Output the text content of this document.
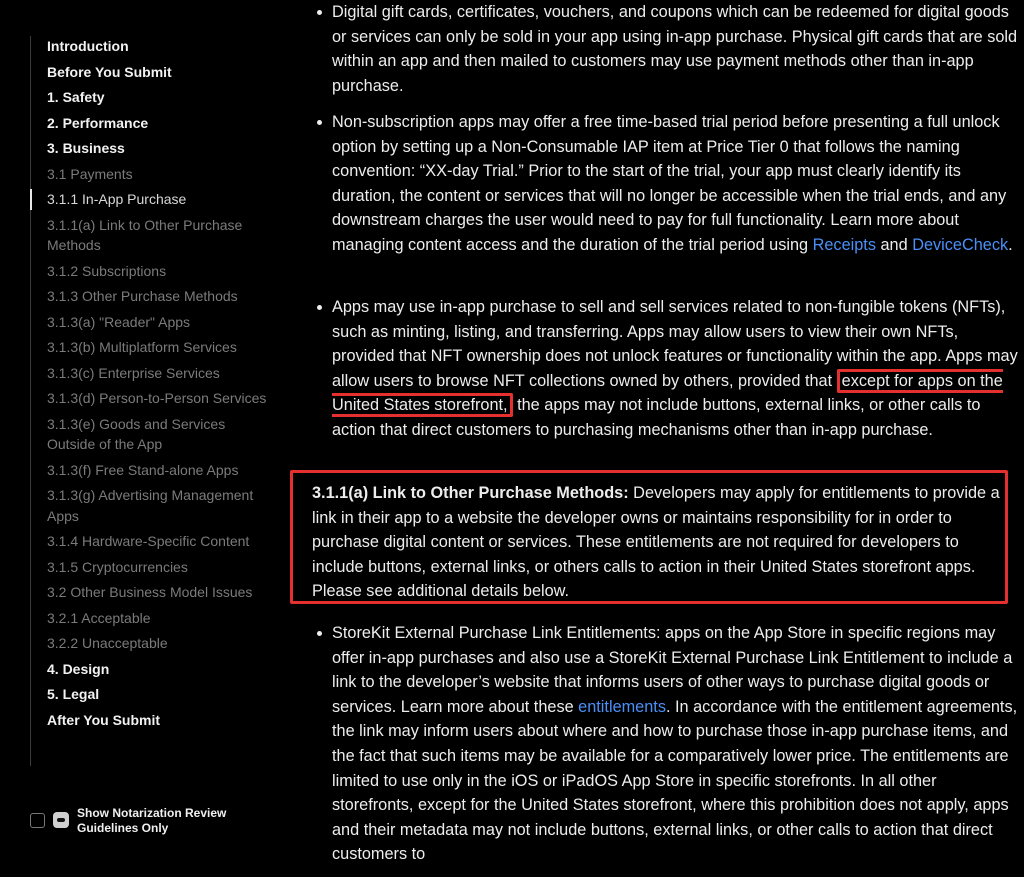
Introduction
Before You Submit
1. Safety
2. Performance
3. Business
3.1 Payments
3.1.1 In-App Purchase
3.1.1(a) Link to Other Purchase Methods
3.1.2 Subscriptions
3.1.3 Other Purchase Methods
3.1.3(a) "Reader" Apps
3.1.3(b) Multiplatform Services
3.1.3(c) Enterprise Services
3.1.3(d) Person-to-Person Services
3.1.3(e) Goods and Services Outside of the App
3.1.3(f) Free Stand-alone Apps
3.1.3(g) Advertising Management Apps
3.1.4 Hardware-Specific Content
3.1.5 Cryptocurrencies
3.2 Other Business Model Issues
3.2.1 Acceptable
3.2.2 Unacceptable
4. Design
5. Legal
After You Submit
Show Notarization Review Guidelines Only

Digital gift cards, certificates, vouchers, and coupons which can be redeemed for digital goods or services can only be sold in your app using in-app purchase. Physical gift cards that are sold within an app and then mailed to customers may use payment methods other than in-app purchase.

Non-subscription apps may offer a free time-based trial period before presenting a full unlock option by setting up a Non-Consumable IAP item at Price Tier 0 that follows the naming convention: “XX-day Trial.” Prior to the start of the trial, your app must clearly identify its duration, the content or services that will no longer be accessible when the trial ends, and any downstream charges the user would need to pay for full functionality. Learn more about managing content access and the duration of the trial period using Receipts and DeviceCheck.

Apps may use in-app purchase to sell and sell services related to non-fungible tokens (NFTs), such as minting, listing, and transferring. Apps may allow users to view their own NFTs, provided that NFT ownership does not unlock features or functionality within the app. Apps may allow users to browse NFT collections owned by others, provided that except for apps on the United States storefront, the apps may not include buttons, external links, or other calls to action that direct customers to purchasing mechanisms other than in-app purchase.

StoreKit External Purchase Link Entitlements: apps on the App Store in specific regions may offer in-app purchases and also use a StoreKit External Purchase Link Entitlement to include a link to the developer’s website that informs users of other ways to purchase digital goods or services. Learn more about these entitlements. In accordance with the entitlement agreements, the link may inform users about where and how to purchase those in-app purchase items, and the fact that such items may be available for a comparatively lower price. The entitlements are limited to use only in the iOS or iPadOS App Store in specific storefronts. In all other storefronts, except for the United States storefront, where this prohibition does not apply, apps and their metadata may not include buttons, external links, or other calls to action that direct customers to

3.1.1(a) Link to Other Purchase Methods: Developers may apply for entitlements to provide a link in their app to a website the developer owns or maintains responsibility for in order to purchase digital content or services. These entitlements are not required for developers to include buttons, external links, or others calls to action in their United States storefront apps. Please see additional details below.
